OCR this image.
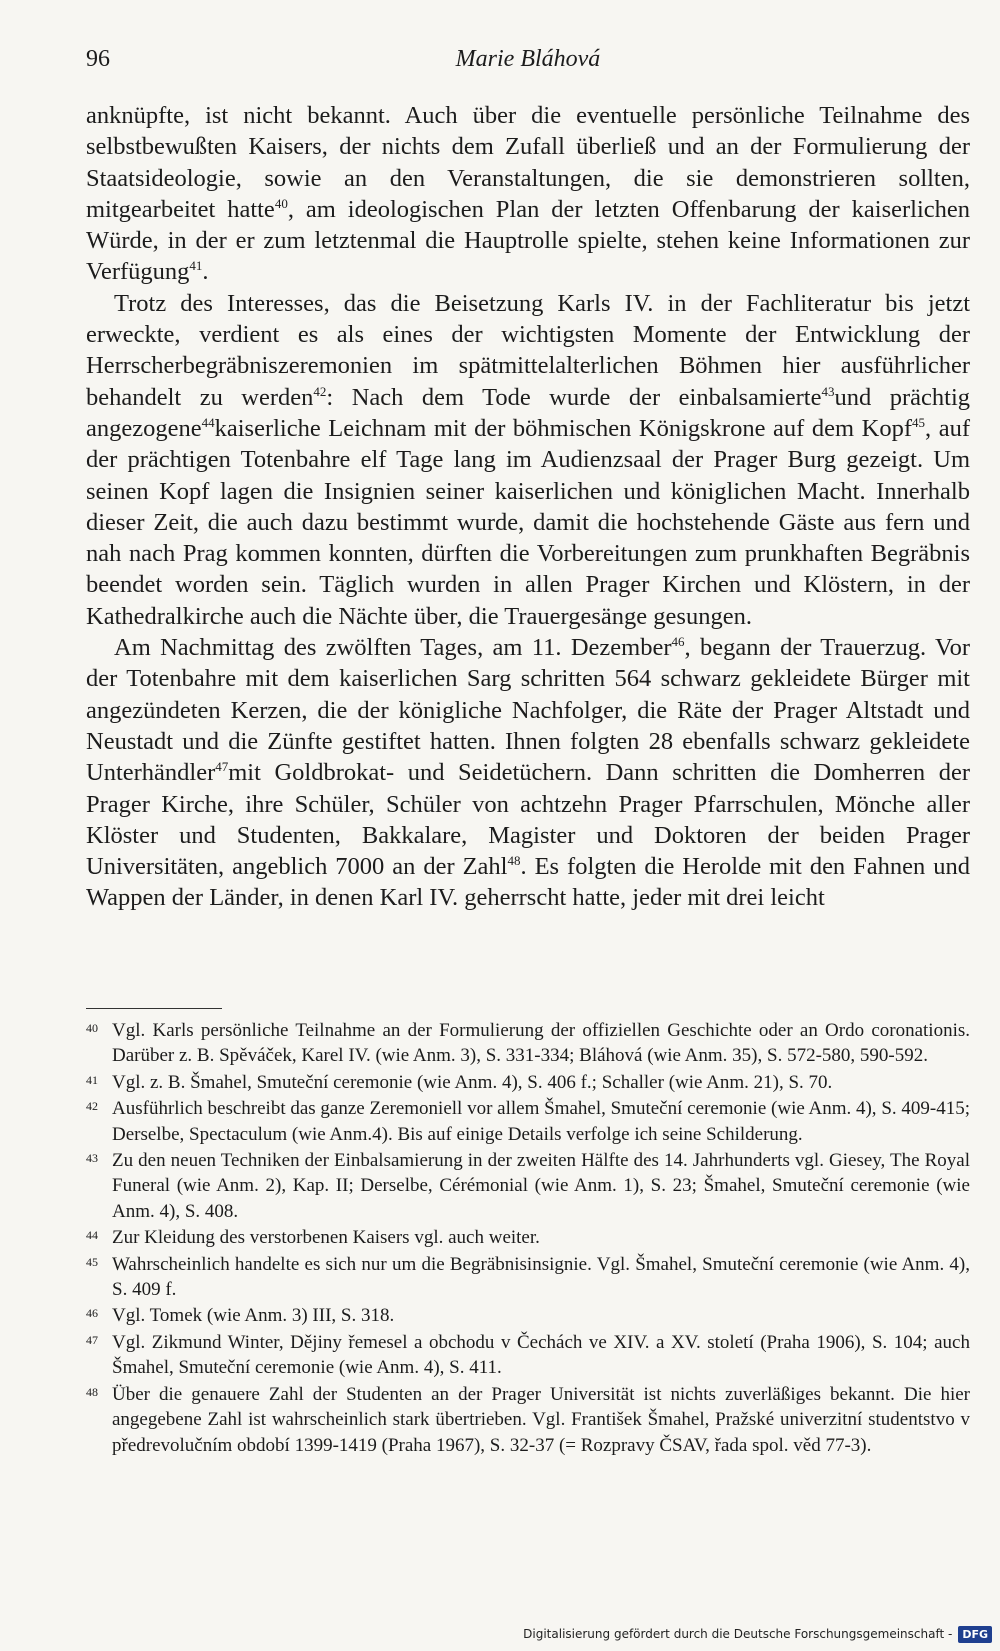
96	Marie Bláhová

anknüpfte, ist nicht bekannt. Auch über die eventuelle persönliche Teilnahme des selbstbewußten Kaisers, der nichts dem Zufall überließ und an der Formulierung der Staatsideologie, sowie an den Veranstaltungen, die sie demonstrieren sollten, mitgearbeitet hatte$^{40}$, am ideologischen Plan der letzten Offenbarung der kaiserlichen Würde, in der er zum letztenmal die Hauptrolle spielte, stehen keine Informationen zur Verfügung$^{41}$.

Trotz des Interesses, das die Beisetzung Karls IV. in der Fachliteratur bis jetzt erweckte, verdient es als eines der wichtigsten Momente der Entwicklung der Herrscherbegräbniszeremonien im spätmittelalterlichen Böhmen hier ausführlicher behandelt zu werden$^{42}$: Nach dem Tode wurde der einbalsamierte$^{43}$und prächtig angezogene$^{44}$kaiserliche Leichnam mit der böhmischen Königskrone auf dem Kopf$^{45}$, auf der prächtigen Totenbahre elf Tage lang im Audienzsaal der Prager Burg gezeigt. Um seinen Kopf lagen die Insignien seiner kaiserlichen und königlichen Macht. Innerhalb dieser Zeit, die auch dazu bestimmt wurde, damit die hochstehende Gäste aus fern und nah nach Prag kommen konnten, dürften die Vorbereitungen zum prunkhaften Begräbnis beendet worden sein. Täglich wurden in allen Prager Kirchen und Klöstern, in der Kathedralkirche auch die Nächte über, die Trauergesänge gesungen.

Am Nachmittag des zwölften Tages, am 11. Dezember$^{46}$, begann der Trauerzug. Vor der Totenbahre mit dem kaiserlichen Sarg schritten 564 schwarz gekleidete Bürger mit angezündeten Kerzen, die der königliche Nachfolger, die Räte der Prager Altstadt und Neustadt und die Zünfte gestiftet hatten. Ihnen folgten 28 ebenfalls schwarz gekleidete Unterhändler$^{47}$mit Goldbrokat- und Seidetüchern. Dann schritten die Domherren der Prager Kirche, ihre Schüler, Schüler von achtzehn Prager Pfarrschulen, Mönche aller Klöster und Studenten, Bakkalare, Magister und Doktoren der beiden Prager Universitäten, angeblich 7000 an der Zahl$^{48}$. Es folgten die Herolde mit den Fahnen und Wappen der Länder, in denen Karl IV. geherrscht hatte, jeder mit drei leicht

40 Vgl. Karls persönliche Teilnahme an der Formulierung der offiziellen Geschichte oder an Ordo coronationis. Darüber z. B. Spěváček, Karel IV. (wie Anm. 3), S. 331-334; Bláhová (wie Anm. 35), S. 572-580, 590-592.
41 Vgl. z. B. Šmahel, Smuteční ceremonie (wie Anm. 4), S. 406 f.; Schaller (wie Anm. 21), S. 70.
42 Ausführlich beschreibt das ganze Zeremoniell vor allem Šmahel, Smuteční ceremonie (wie Anm. 4), S. 409-415; Derselbe, Spectaculum (wie Anm.4). Bis auf einige Details verfolge ich seine Schilderung.
43 Zu den neuen Techniken der Einbalsamierung in der zweiten Hälfte des 14. Jahrhunderts vgl. Giesey, The Royal Funeral (wie Anm. 2), Kap. II; Derselbe, Cérémonial (wie Anm. 1), S. 23; Šmahel, Smuteční ceremonie (wie Anm. 4), S. 408.
44 Zur Kleidung des verstorbenen Kaisers vgl. auch weiter.
45 Wahrscheinlich handelte es sich nur um die Begräbnisinsignie. Vgl. Šmahel, Smuteční ceremonie (wie Anm. 4), S. 409 f.
46 Vgl. Tomek (wie Anm. 3) III, S. 318.
47 Vgl. Zikmund Winter, Dějiny řemesel a obchodu v Čechách ve XIV. a XV. století (Praha 1906), S. 104; auch Šmahel, Smuteční ceremonie (wie Anm. 4), S. 411.
48 Über die genauere Zahl der Studenten an der Prager Universität ist nichts zuverläßiges bekannt. Die hier angegebene Zahl ist wahrscheinlich stark übertrieben. Vgl. František Šmahel, Pražské univerzitní studentstvo v předrevolučním období 1399-1419 (Praha 1967), S. 32-37 (= Rozpravy ČSAV, řada spol. věd 77-3).
Digitalisierung gefördert durch die Deutsche Forschungsgemeinschaft - DFG
